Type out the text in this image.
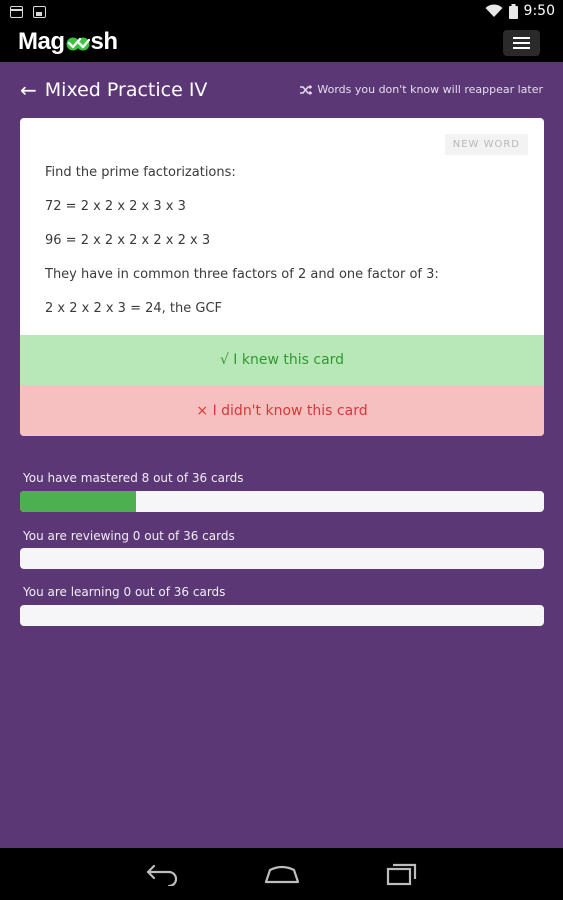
9:50
Mag sh
← Mixed Practice IV	Words you don't know will reappear later
NEW WORD
Find the prime factorizations:
72 = 2 x 2 x 2 x 3 x 3
96 = 2 x 2 x 2 x 2 x 2 x 3
They have in common three factors of 2 and one factor of 3:
2 x 2 x 2 x 3 = 24, the GCF
√ I knew this card
× I didn't know this card
You have mastered 8 out of 36 cards
You are reviewing 0 out of 36 cards
You are learning 0 out of 36 cards
